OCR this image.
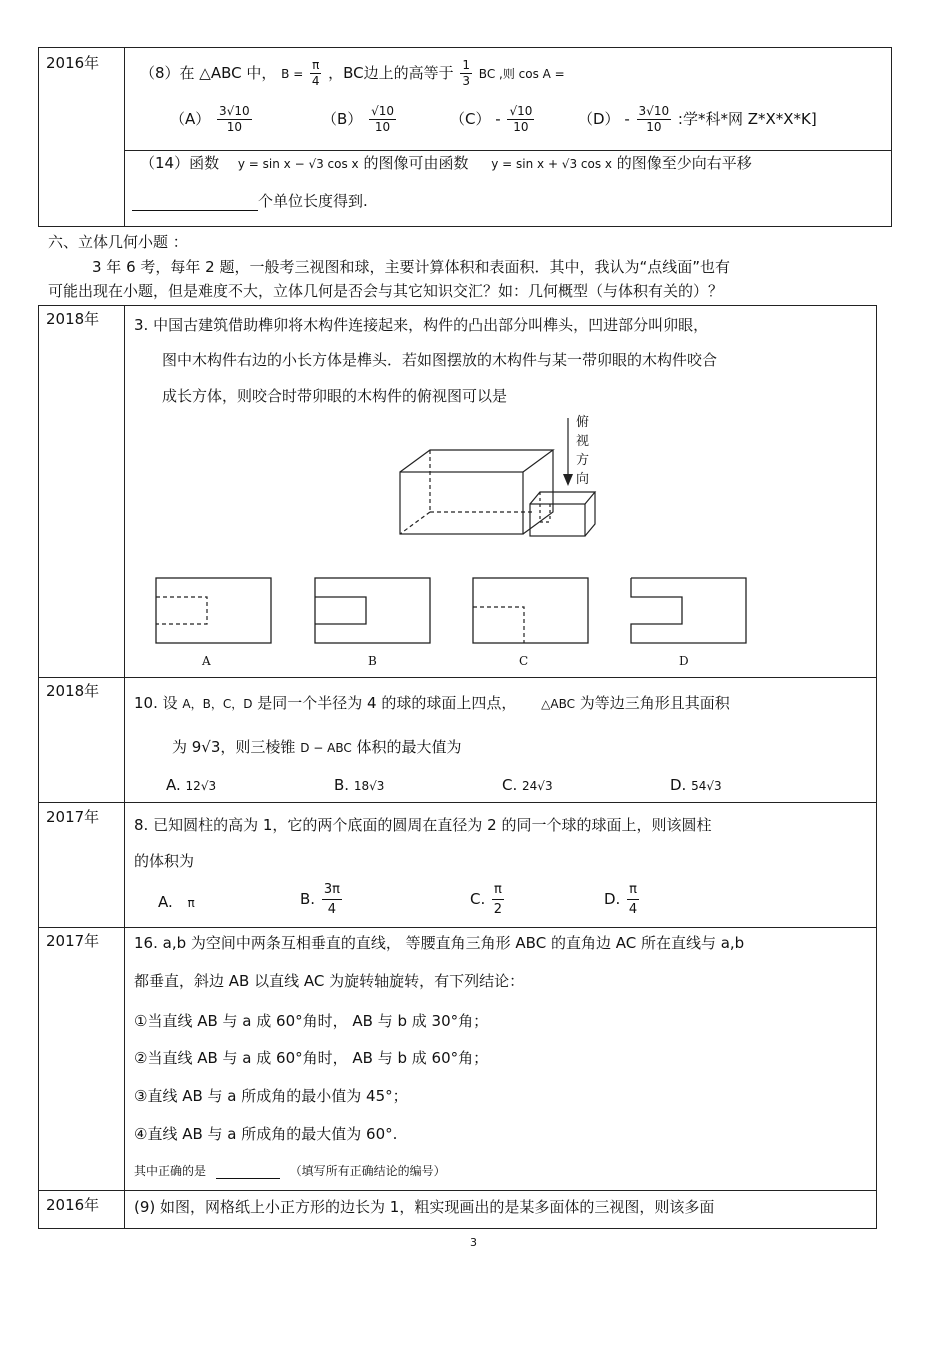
2016年
（8）在 △ABC 中， $B = \frac{\pi}{4}$ ，BC边上的高等于 $\frac{1}{3}$ BC ,则 cos A =
$(A) \frac{3√10}{10}$	$(B) \frac{√10}{10}$	$(C) - \frac{√10}{10}$	$(D) - \frac{3√10}{10}$ :学*科*网 Z*X*X*K]
（14）函数 y = sin x − √3 cos x 的图像可由函数 y = sin x + √3 cos x 的图像至少向右平移
个单位长度得到.
六、立体几何小题 ：
3 年 6 考，每年 2 题，一般考三视图和球，主要计算体积和表面积．其中，我认为“点线面”也有
可能出现在小题，但是难度不大，立体几何是否会与其它知识交汇？如：几何概型（与体积有关的）？
2018年 3. 中国古建筑借助榫卯将木构件连接起来，构件的凸出部分叫榫头，凹进部分叫卯眼，
图中木构件右边的小长方体是榫头．若如图摆放的木构件与某一带卯眼的木构件咬合
成长方体，则咬合时带卯眼的木构件的俯视图可以是
俯
视
方
向
A	B	C	D
2018年
10. 设 A，B，C，D 是同一个半径为 4 的球的球面上四点， △ABC 为等边三角形且其面积
为 9√3，则三棱锥 D − ABC 体积的最大值为
A. 12√3	B. 18√3	C. 24√3	D. 54√3
2017年 8. 已知圆柱的高为 1，它的两个底面的圆周在直径为 2 的同一个球的球面上，则该圆柱
的体积为
A. π	B. $\frac{3\pi}{4}$	C. $\frac{\pi}{2}$	D. $\frac{\pi}{4}$
2017年 16. a,b 为空间中两条互相垂直的直线， 等腰直角三角形 ABC 的直角边 AC 所在直线与 a,b
都垂直，斜边 AB 以直线 AC 为旋转轴旋转，有下列结论：
①当直线 AB 与 a 成 60°角时， AB 与 b 成 30°角；
②当直线 AB 与 a 成 60°角时， AB 与 b 成 60°角；
③直线 AB 与 a 所成角的最小值为 45°；
④直线 AB 与 a 所成角的最大值为 60°.
其中正确的是	（填写所有正确结论的编号）
2016年 (9) 如图，网格纸上小正方形的边长为 1，粗实现画出的是某多面体的三视图，则该多面
3
